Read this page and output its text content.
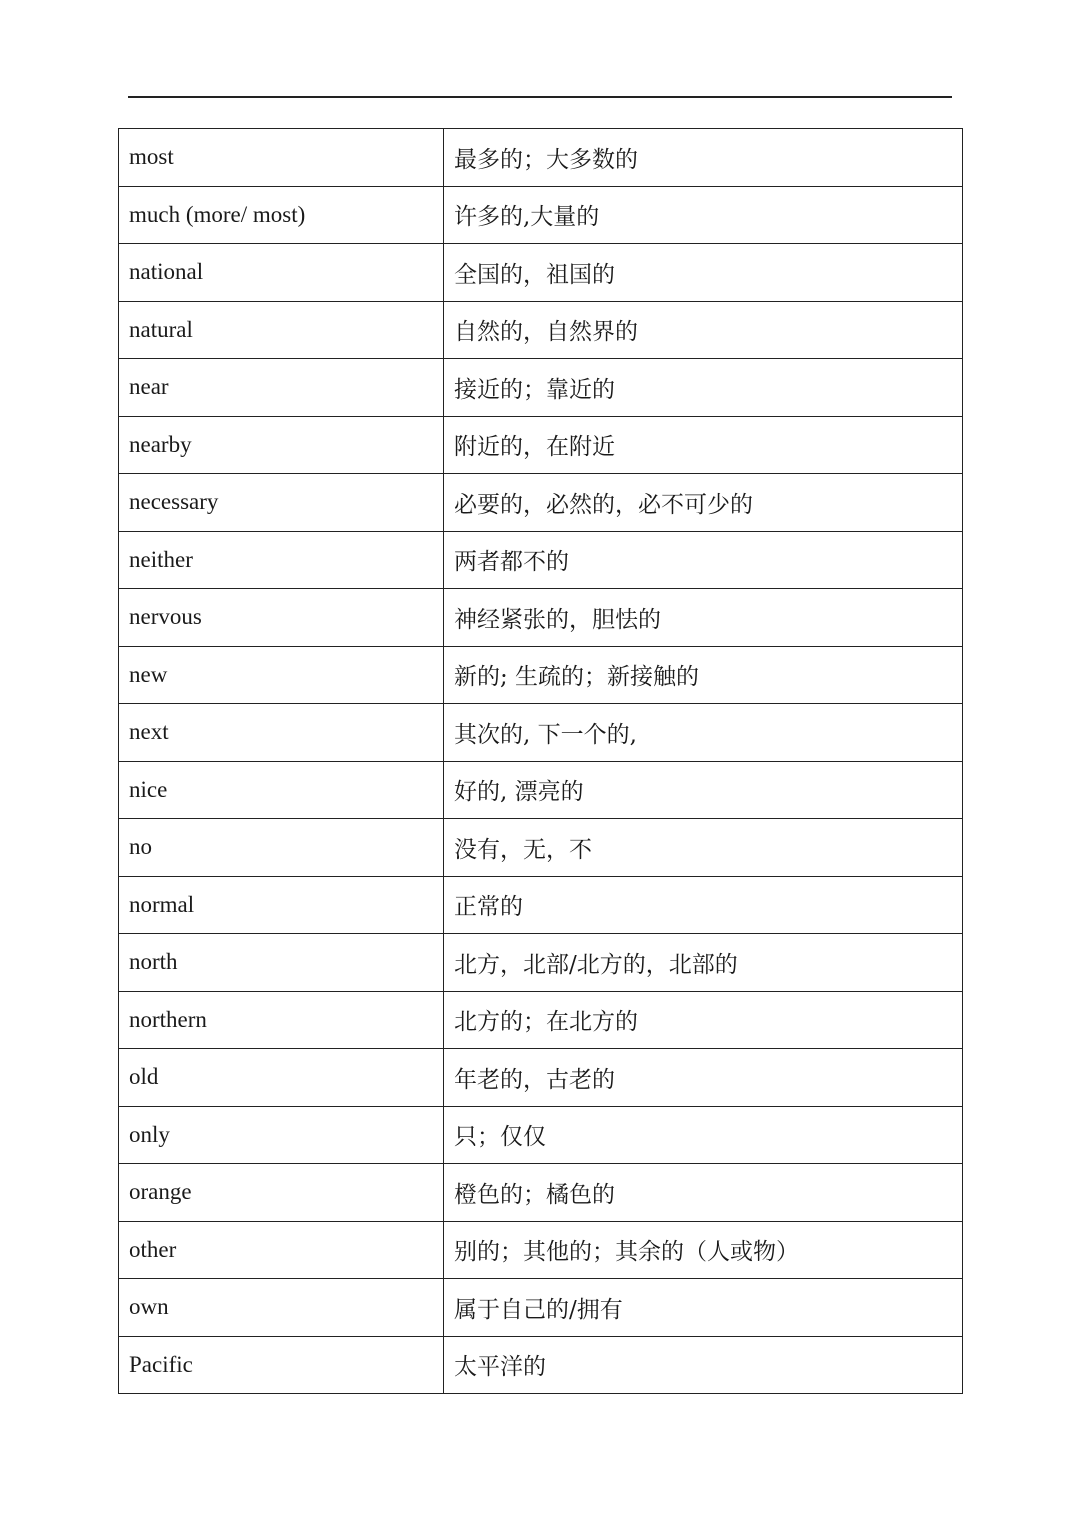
most	最多的；大多数的
much (more/ most)	许多的,大量的
national	全国的，祖国的
natural	自然的，自然界的
near	接近的；靠近的
nearby	附近的，在附近
necessary	必要的，必然的，必不可少的
neither	两者都不的
nervous	神经紧张的，胆怯的
new	新的; 生疏的；新接触的
next	其次的, 下一个的,
nice	好的, 漂亮的
no	没有，无，不
normal	正常的
north	北方，北部/北方的，北部的
northern	北方的；在北方的
old	年老的，古老的
only	只；仅仅
orange	橙色的；橘色的
other	别的；其他的；其余的（人或物）
own	属于自己的/拥有
Pacific	太平洋的
